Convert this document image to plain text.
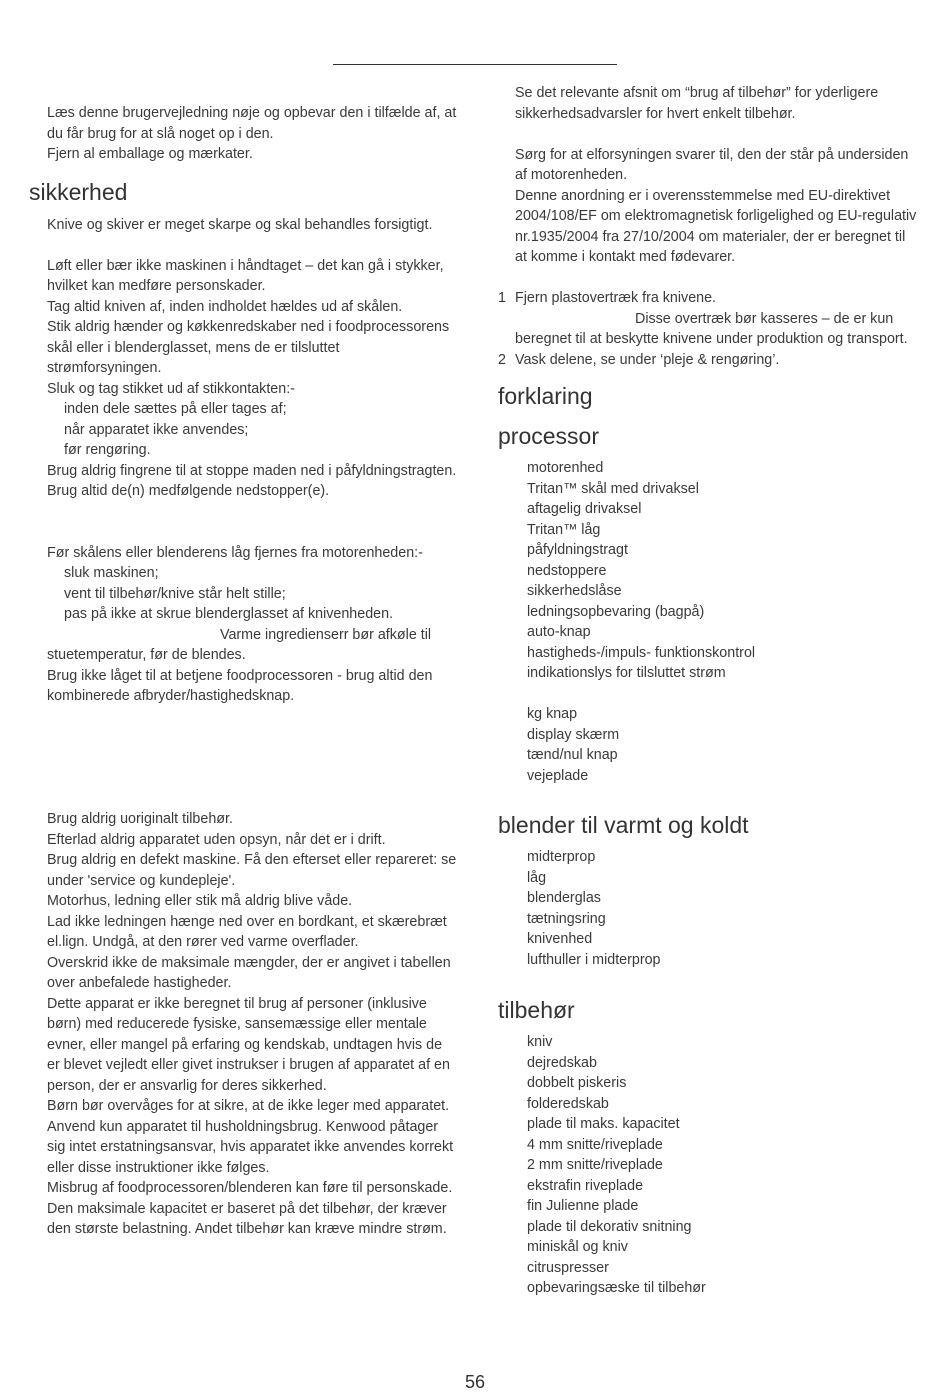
Læs denne brugervejledning nøje og opbevar den i tilfælde af, at du får brug for at slå noget op i den.

Fjern al emballage og mærkater.

sikkerhed

Knive og skiver er meget skarpe og skal behandles forsigtigt.

Løft eller bær ikke maskinen i håndtaget – det kan gå i stykker, hvilket kan medføre personskader.

Tag altid kniven af, inden indholdet hældes ud af skålen.

Stik aldrig hænder og køkkenredskaber ned i foodprocessorens skål eller i blenderglasset, mens de er tilsluttet strømforsyningen.

Sluk og tag stikket ud af stikkontakten:-

inden dele sættes på eller tages af;

når apparatet ikke anvendes;

før rengøring.

Brug aldrig fingrene til at stoppe maden ned i påfyldningstragten. Brug altid de(n) medfølgende nedstopper(e).

Før skålens eller blenderens låg fjernes fra motorenheden:-

sluk maskinen;

vent til tilbehør/knive står helt stille;

pas på ikke at skrue blenderglasset af knivenheden.

Varme ingredienserr bør afkøle til stuetemperatur, før de blendes.

Brug ikke låget til at betjene foodprocessoren - brug altid den kombinerede afbryder/hastighedsknap.

Brug aldrig uoriginalt tilbehør.

Efterlad aldrig apparatet uden opsyn, når det er i drift.

Brug aldrig en defekt maskine. Få den efterset eller repareret: se under 'service og kundepleje'.

Motorhus, ledning eller stik må aldrig blive våde.

Lad ikke ledningen hænge ned over en bordkant, et skærebræt el.lign. Undgå, at den rører ved varme overflader.

Overskrid ikke de maksimale mængder, der er angivet i tabellen over anbefalede hastigheder.

Dette apparat er ikke beregnet til brug af personer (inklusive børn) med reducerede fysiske, sansemæssige eller mentale evner, eller mangel på erfaring og kendskab, undtagen hvis de er blevet vejledt eller givet instrukser i brugen af apparatet af en person, der er ansvarlig for deres sikkerhed.

Børn bør overvåges for at sikre, at de ikke leger med apparatet.

Anvend kun apparatet til husholdningsbrug. Kenwood påtager sig intet erstatningsansvar, hvis apparatet ikke anvendes korrekt eller disse instruktioner ikke følges.

Misbrug af foodprocessoren/blenderen kan føre til personskade.

Den maksimale kapacitet er baseret på det tilbehør, der kræver den største belastning. Andet tilbehør kan kræve mindre strøm.

Se det relevante afsnit om “brug af tilbehør” for yderligere sikkerhedsadvarsler for hvert enkelt tilbehør.

Sørg for at elforsyningen svarer til, den der står på undersiden af motorenheden.

Denne anordning er i overensstemmelse med EU-direktivet 2004/108/EF om elektromagnetisk forligelighed og EU-regulativ nr.1935/2004 fra 27/10/2004 om materialer, der er beregnet til at komme i kontakt med fødevarer.

1 Fjern plastovertræk fra knivene.

Disse overtræk bør kasseres – de er kun beregnet til at beskytte knivene under produktion og transport.

2 Vask delene, se under ‘pleje & rengøring’.
forklaring
processor
motorenhed
Tritan™ skål med drivaksel
aftagelig drivaksel
Tritan™ låg
påfyldningstragt
nedstoppere
sikkerhedslåse
ledningsopbevaring (bagpå)
auto-knap
hastigheds-/impuls- funktionskontrol
indikationslys for tilsluttet strøm
kg knap
display skærm
tænd/nul knap
vejeplade
blender til varmt og koldt
midterprop
låg
blenderglas
tætningsring
knivenhed
lufthuller i midterprop
tilbehør
kniv
dejredskab
dobbelt piskeris
folderedskab
plade til maks. kapacitet
4 mm snitte/riveplade
2 mm snitte/riveplade
ekstrafin riveplade
fin Julienne plade
plade til dekorativ snitning
miniskål og kniv
citruspresser
opbevaringsæske til tilbehør
56
